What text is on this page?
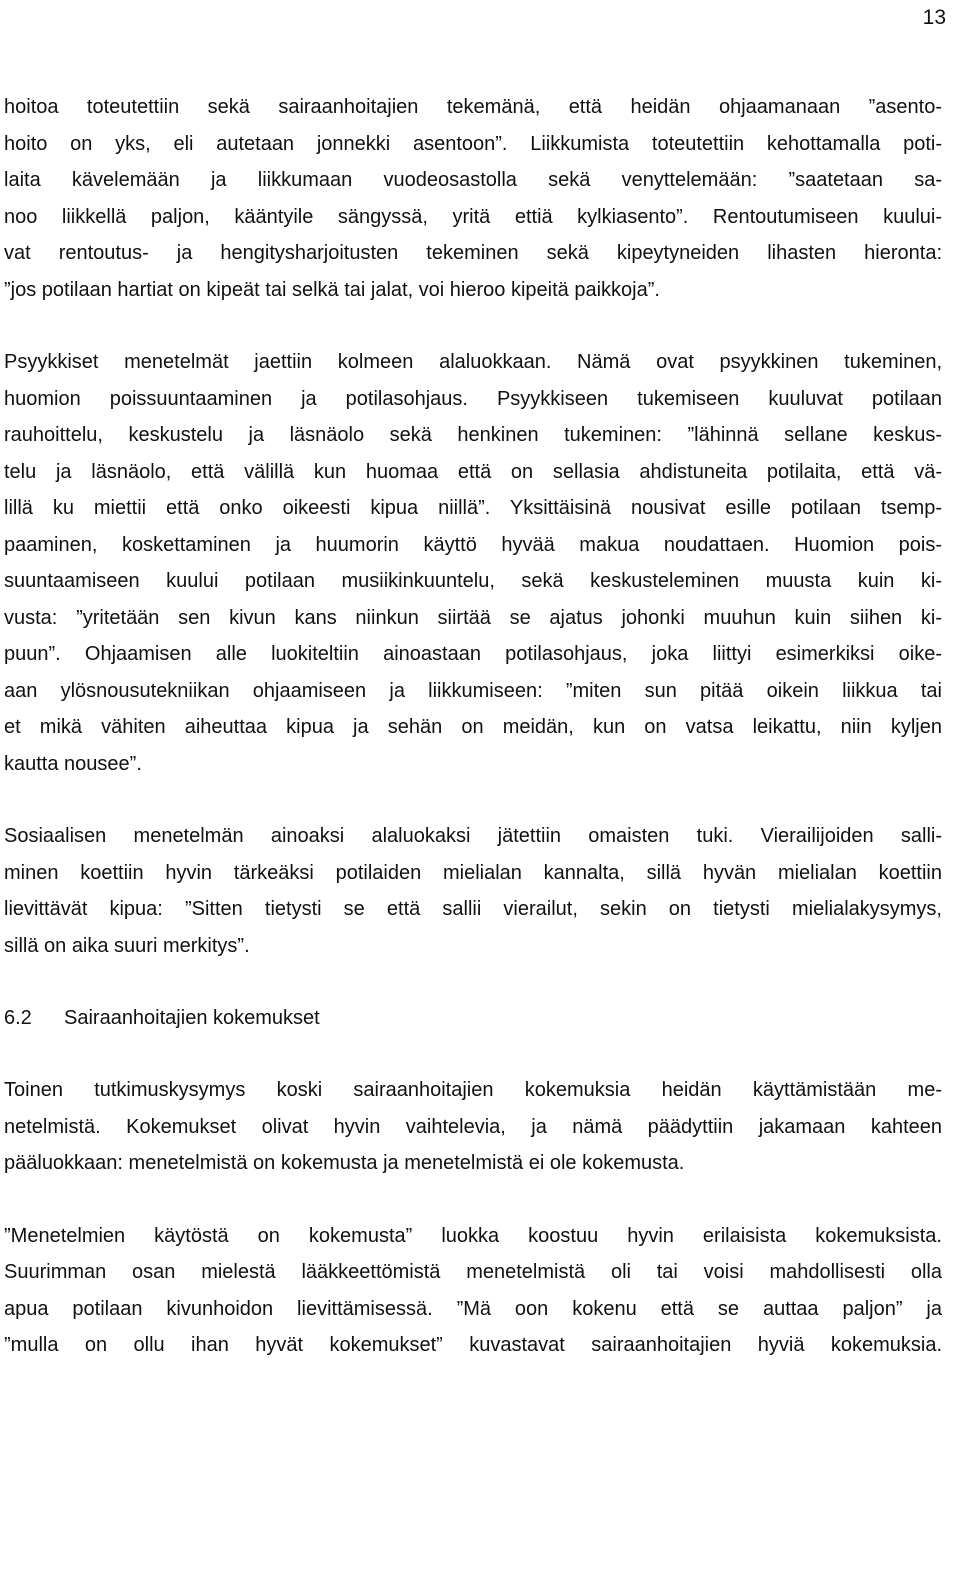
13

hoitoa toteutettiin sekä sairaanhoitajien tekemänä, että heidän ohjaamanaan ”asento-
hoito on yks, eli autetaan jonnekki asentoon”. Liikkumista toteutettiin kehottamalla poti-
laita kävelemään ja liikkumaan vuodeosastolla sekä venyttelemään: ”saatetaan sa-
noo liikkellä paljon, kääntyile sängyssä, yritä ettiä kylkiasento”. Rentoutumiseen kuului-
vat rentoutus- ja hengitysharjoitusten tekeminen sekä kipeytyneiden lihasten hieronta:
”jos potilaan hartiat on kipeät tai selkä tai jalat, voi hieroo kipeitä paikkoja”.

Psyykkiset menetelmät jaettiin kolmeen alaluokkaan. Nämä ovat psyykkinen tukeminen,
huomion poissuuntaaminen ja potilasohjaus. Psyykkiseen tukemiseen kuuluvat potilaan
rauhoittelu, keskustelu ja läsnäolo sekä henkinen tukeminen: ”lähinnä sellane keskus-
telu ja läsnäolo, että välillä kun huomaa että on sellasia ahdistuneita potilaita, että vä-
lillä ku miettii että onko oikeesti kipua niillä”. Yksittäisinä nousivat esille potilaan tsemp-
paaminen, koskettaminen ja huumorin käyttö hyvää makua noudattaen. Huomion pois-
suuntaamiseen kuului potilaan musiikinkuuntelu, sekä keskusteleminen muusta kuin ki-
vusta: ”yritetään sen kivun kans niinkun siirtää se ajatus johonki muuhun kuin siihen ki-
puun”. Ohjaamisen alle luokiteltiin ainoastaan potilasohjaus, joka liittyi esimerkiksi oike-
aan ylösnousutekniikan ohjaamiseen ja liikkumiseen: ”miten sun pitää oikein liikkua tai
et mikä vähiten aiheuttaa kipua ja sehän on meidän, kun on vatsa leikattu, niin kyljen
kautta nousee”.

Sosiaalisen menetelmän ainoaksi alaluokaksi jätettiin omaisten tuki. Vierailijoiden salli-
minen koettiin hyvin tärkeäksi potilaiden mielialan kannalta, sillä hyvän mielialan koettiin
lievittävät kipua: ”Sitten tietysti se että sallii vierailut, sekin on tietysti mielialakysymys,
sillä on aika suuri merkitys”.

6.2 Sairaanhoitajien kokemukset

Toinen tutkimuskysymys koski sairaanhoitajien kokemuksia heidän käyttämistään me-
netelmistä. Kokemukset olivat hyvin vaihtelevia, ja nämä päädyttiin jakamaan kahteen
pääluokkaan: menetelmistä on kokemusta ja menetelmistä ei ole kokemusta.

”Menetelmien käytöstä on kokemusta” luokka koostuu hyvin erilaisista kokemuksista.
Suurimman osan mielestä lääkkeettömistä menetelmistä oli tai voisi mahdollisesti olla
apua potilaan kivunhoidon lievittämisessä. ”Mä oon kokenu että se auttaa paljon” ja
”mulla on ollu ihan hyvät kokemukset” kuvastavat sairaanhoitajien hyviä kokemuksia.
